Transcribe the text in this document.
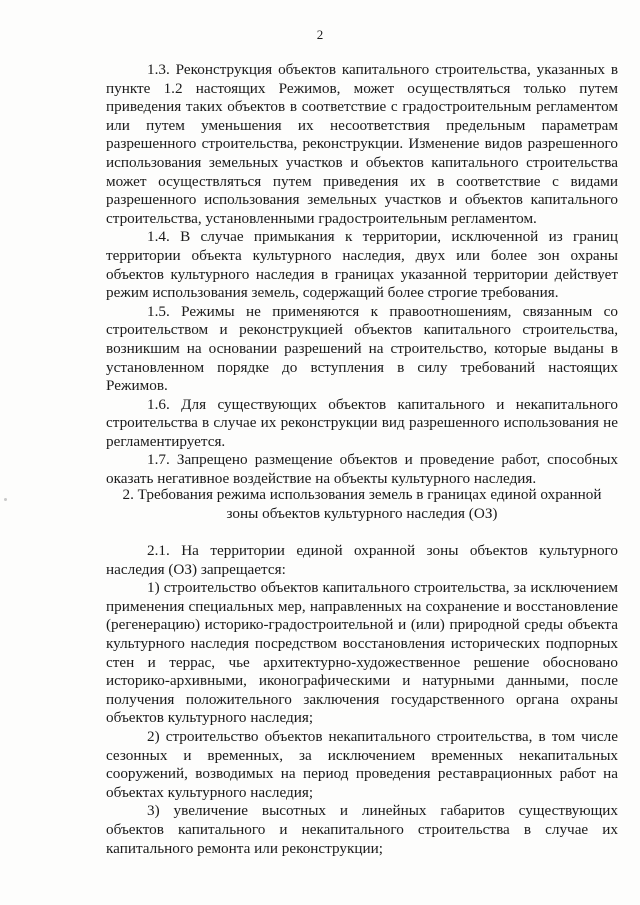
2

1.3. Реконструкция объектов капитального строительства, указанных в пункте 1.2 настоящих Режимов, может осуществляться только путем приведения таких объектов в соответствие с градостроительным регламентом или путем уменьшения их несоответствия предельным параметрам разрешенного строительства, реконструкции. Изменение видов разрешенного использования земельных участков и объектов капитального строительства может осуществляться путем приведения их в соответствие с видами разрешенного использования земельных участков и объектов капитального строительства, установленными градостроительным регламентом.

1.4. В случае примыкания к территории, исключенной из границ территории объекта культурного наследия, двух или более зон охраны объектов культурного наследия в границах указанной территории действует режим использования земель, содержащий более строгие требования.

1.5. Режимы не применяются к правоотношениям, связанным со строительством и реконструкцией объектов капитального строительства, возникшим на основании разрешений на строительство, которые выданы в установленном порядке до вступления в силу требований настоящих Режимов.

1.6. Для существующих объектов капитального и некапитального строительства в случае их реконструкции вид разрешенного использования не регламентируется.

1.7. Запрещено размещение объектов и проведение работ, способных оказать негативное воздействие на объекты культурного наследия.

2. Требования режима использования земель в границах единой охранной
зоны объектов культурного наследия (ОЗ)

2.1. На территории единой охранной зоны объектов культурного наследия (ОЗ) запрещается:

1) строительство объектов капитального строительства, за исключением применения специальных мер, направленных на сохранение и восстановление (регенерацию) историко-градостроительной и (или) природной среды объекта культурного наследия посредством восстановления исторических подпорных стен и террас, чье архитектурно-художественное решение обосновано историко-архивными, иконографическими и натурными данными, после получения положительного заключения государственного органа охраны объектов культурного наследия;

2) строительство объектов некапитального строительства, в том числе сезонных и временных, за исключением временных некапитальных сооружений, возводимых на период проведения реставрационных работ на объектах культурного наследия;

3) увеличение высотных и линейных габаритов существующих объектов капитального и некапитального строительства в случае их капитального ремонта или реконструкции;
